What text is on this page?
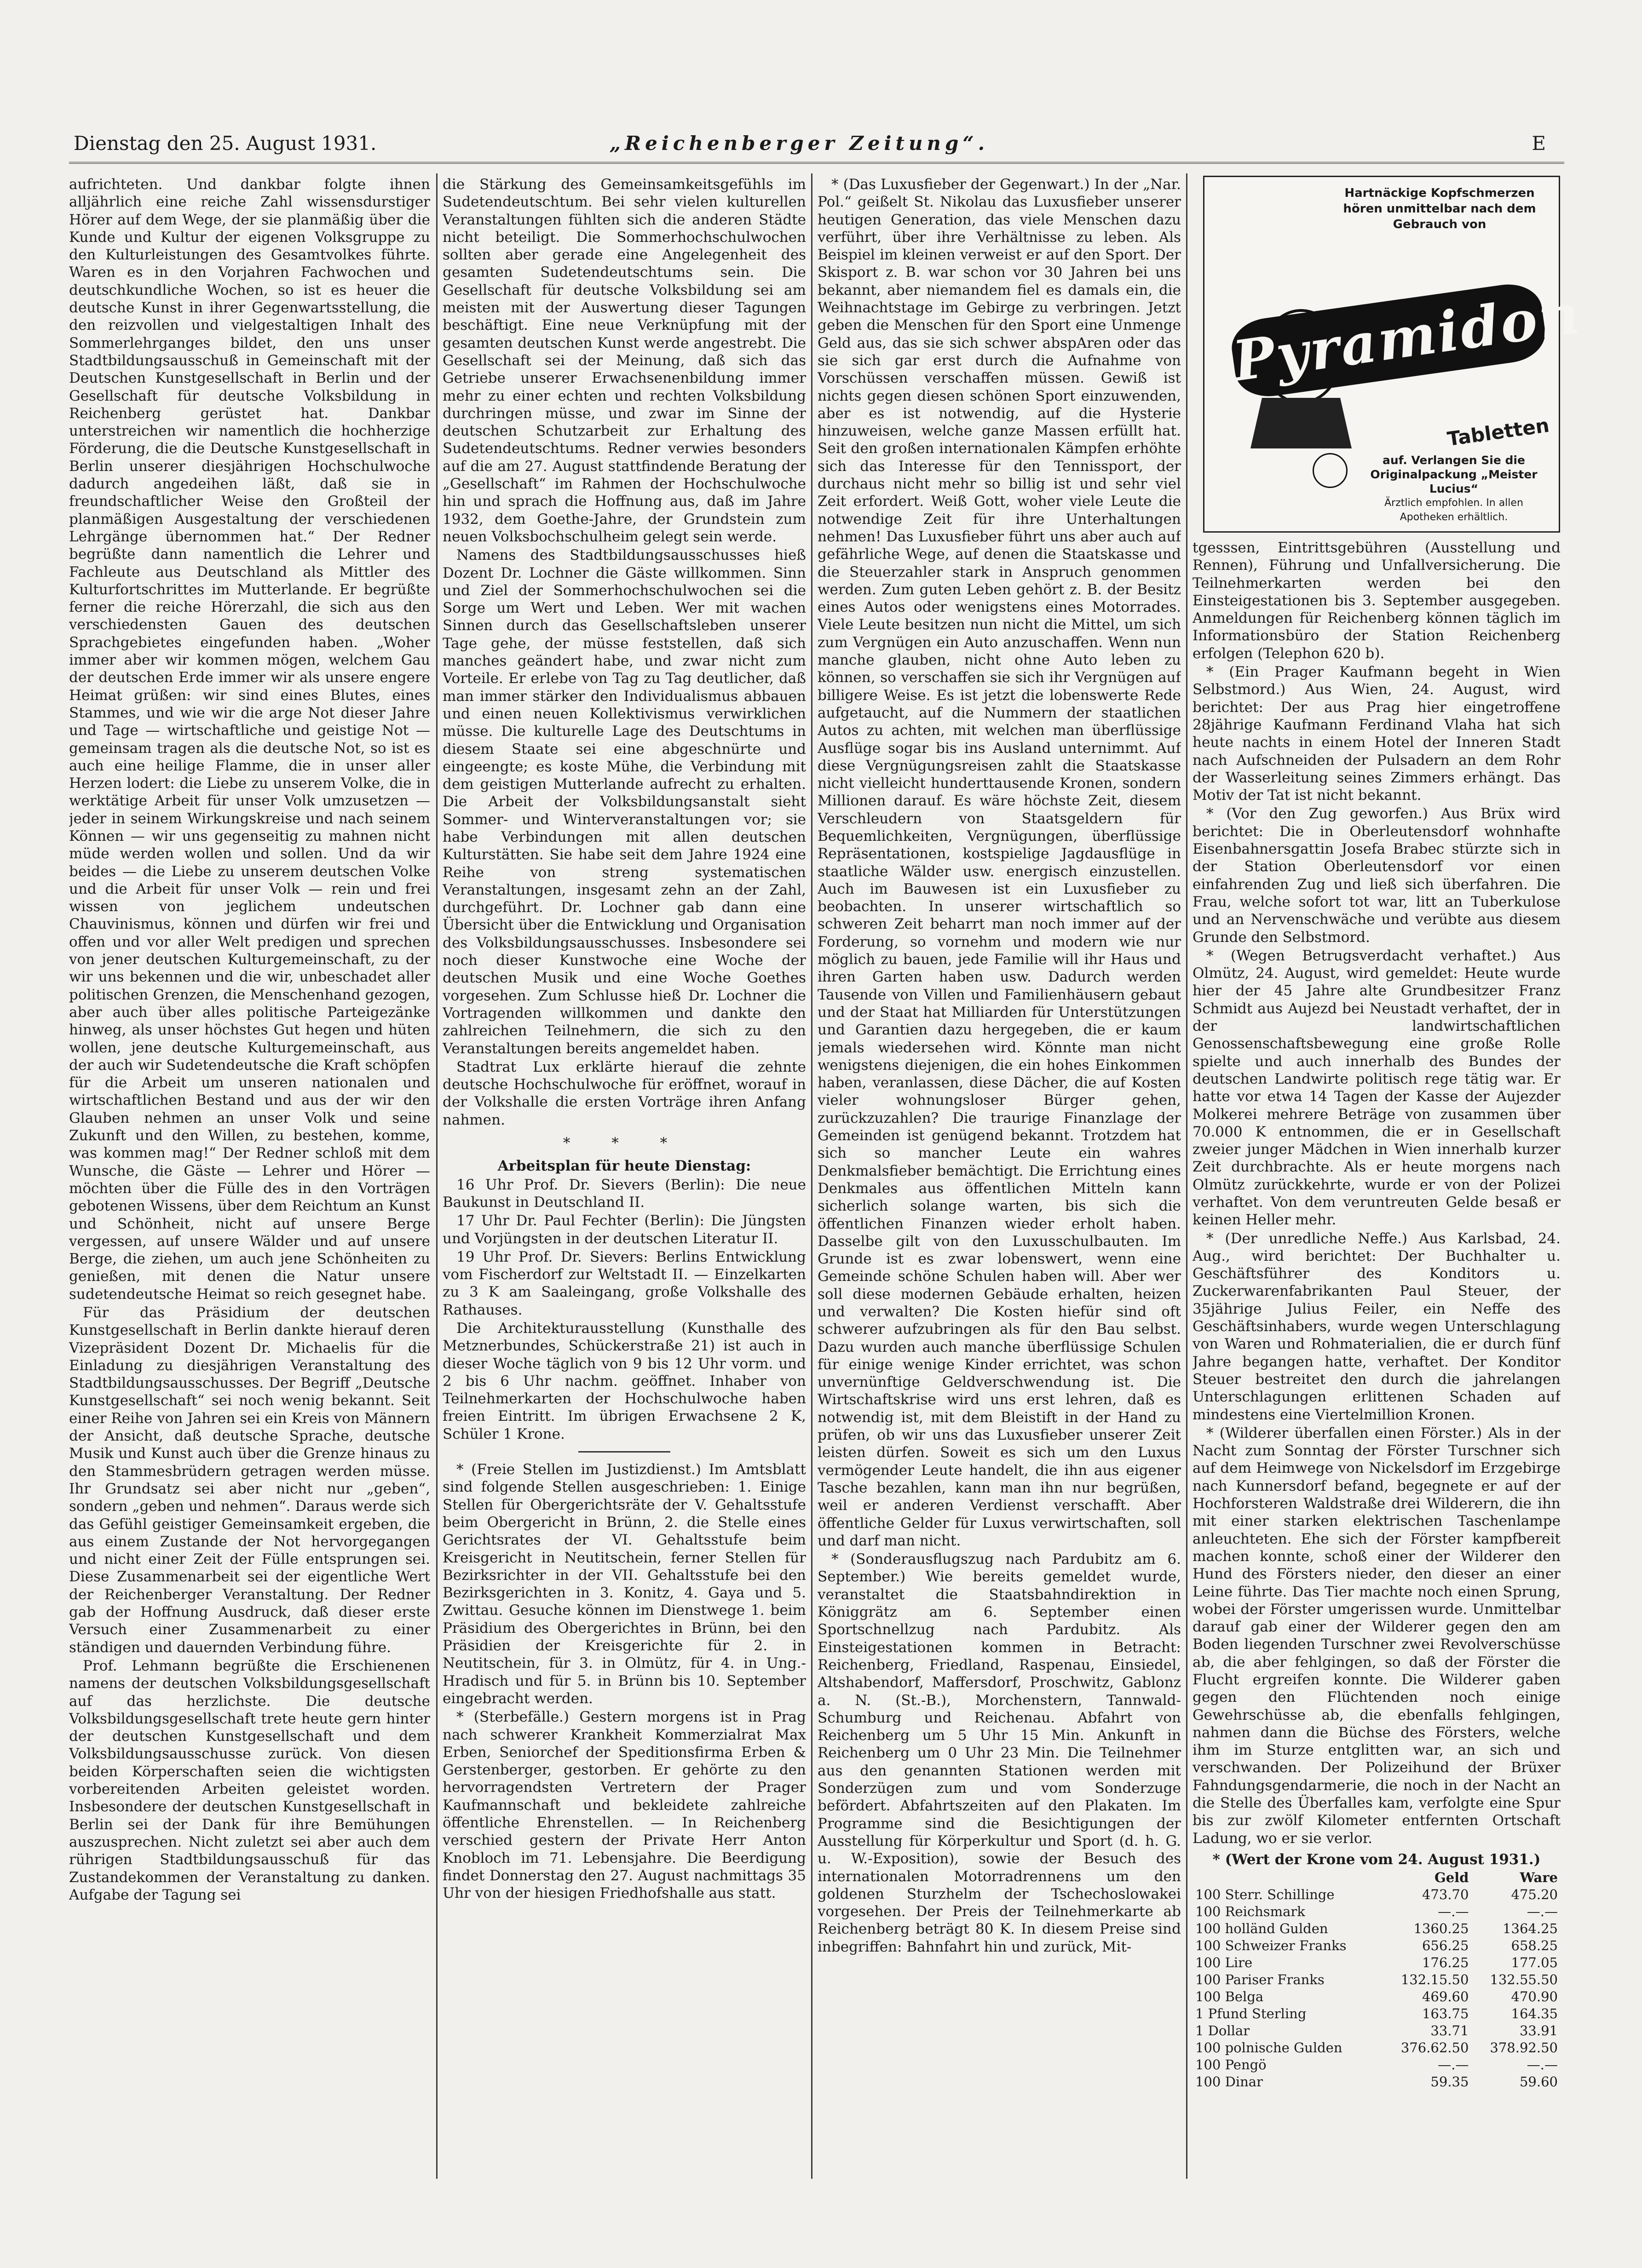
Dienstag den 25. August 1931.	„Reichenberger Zeitung“.	E

aufrichteten. Und dankbar folgte ihnen alljährlich eine reiche Zahl wissensdurstiger Hörer auf dem Wege, der sie planmäßig über die Kunde und Kultur der eigenen Volksgruppe zu den Kulturleistungen des Gesamtvolkes führte. Waren es in den Vorjahren Fachwochen und deutschkundliche Wochen, so ist es heuer die deutsche Kunst in ihrer Gegenwartsstellung, die den reizvollen und vielgestaltigen Inhalt des Sommerlehrganges bildet, den uns unser Stadtbildungsausschuß in Gemeinschaft mit der Deutschen Kunstgesellschaft in Berlin und der Gesellschaft für deutsche Volksbildung in Reichenberg gerüstet hat. Dankbar unterstreichen wir namentlich die hochherzige Förderung, die die Deutsche Kunstgesellschaft in Berlin unserer diesjährigen Hochschulwoche dadurch angedeihen läßt, daß sie in freundschaftlicher Weise den Großteil der planmäßigen Ausgestaltung der verschiedenen Lehrgänge übernommen hat.“ Der Redner begrüßte dann namentlich die Lehrer und Fachleute aus Deutschland als Mittler des Kulturfortschrittes im Mutterlande. Er begrüßte ferner die reiche Hörerzahl, die sich aus den verschiedensten Gauen des deutschen Sprachgebietes eingefunden haben. „Woher immer aber wir kommen mögen, welchem Gau der deutschen Erde immer wir als unsere engere Heimat grüßen: wir sind eines Blutes, eines Stammes, und wie wir die arge Not dieser Jahre und Tage — wirtschaftliche und geistige Not — gemeinsam tragen als die deutsche Not, so ist es auch eine heilige Flamme, die in unser aller Herzen lodert: die Liebe zu unserem Volke, die in werktätige Arbeit für unser Volk umzusetzen — jeder in seinem Wirkungskreise und nach seinem Können — wir uns gegenseitig zu mahnen nicht müde werden wollen und sollen. Und da wir beides — die Liebe zu unserem deutschen Volke und die Arbeit für unser Volk — rein und frei wissen von jeglichem undeutschen Chauvinismus, können und dürfen wir frei und offen und vor aller Welt predigen und sprechen von jener deutschen Kulturgemeinschaft, zu der wir uns bekennen und die wir, unbeschadet aller politischen Grenzen, die Menschenhand gezogen, aber auch über alles politische Parteigezänke hinweg, als unser höchstes Gut hegen und hüten wollen, jene deutsche Kulturgemeinschaft, aus der auch wir Sudetendeutsche die Kraft schöpfen für die Arbeit um unseren nationalen und wirtschaftlichen Bestand und aus der wir den Glauben nehmen an unser Volk und seine Zukunft und den Willen, zu bestehen, komme, was kommen mag!“ Der Redner schloß mit dem Wunsche, die Gäste — Lehrer und Hörer — möchten über die Fülle des in den Vorträgen gebotenen Wissens, über dem Reichtum an Kunst und Schönheit, nicht auf unsere Berge vergessen, auf unsere Wälder und auf unsere Berge, die ziehen, um auch jene Schönheiten zu genießen, mit denen die Natur unsere sudetendeutsche Heimat so reich gesegnet habe.

Für das Präsidium der deutschen Kunstgesellschaft in Berlin dankte hierauf deren Vizepräsident Dozent Dr. Michaelis für die Einladung zu diesjährigen Veranstaltung des Stadtbildungsausschusses. Der Begriff „Deutsche Kunstgesellschaft“ sei noch wenig bekannt. Seit einer Reihe von Jahren sei ein Kreis von Männern der Ansicht, daß deutsche Sprache, deutsche Musik und Kunst auch über die Grenze hinaus zu den Stammesbrüdern getragen werden müsse. Ihr Grundsatz sei aber nicht nur „geben“, sondern „geben und nehmen“. Daraus werde sich das Gefühl geistiger Gemeinsamkeit ergeben, die aus einem Zustande der Not hervorgegangen und nicht einer Zeit der Fülle entsprungen sei. Diese Zusammenarbeit sei der eigentliche Wert der Reichenberger Veranstaltung. Der Redner gab der Hoffnung Ausdruck, daß dieser erste Versuch einer Zusammenarbeit zu einer ständigen und dauernden Verbindung führe.

Prof. Lehmann begrüßte die Erschienenen namens der deutschen Volksbildungsgesellschaft auf das herzlichste. Die deutsche Volksbildungsgesellschaft trete heute gern hinter der deutschen Kunstgesellschaft und dem Volksbildungsausschusse zurück. Von diesen beiden Körperschaften seien die wichtigsten vorbereitenden Arbeiten geleistet worden. Insbesondere der deutschen Kunstgesellschaft in Berlin sei der Dank für ihre Bemühungen auszusprechen. Nicht zuletzt sei aber auch dem rührigen Stadtbildungsausschuß für das Zustandekommen der Veranstaltung zu danken. Aufgabe der Tagung sei

die Stärkung des Gemeinsamkeitsgefühls im Sudetendeutschtum. Bei sehr vielen kulturellen Veranstaltungen fühlten sich die anderen Städte nicht beteiligt. Die Sommerhochschulwochen sollten aber gerade eine Angelegenheit des gesamten Sudetendeutschtums sein. Die Gesellschaft für deutsche Volksbildung sei am meisten mit der Auswertung dieser Tagungen beschäftigt. Eine neue Verknüpfung mit der gesamten deutschen Kunst werde angestrebt. Die Gesellschaft sei der Meinung, daß sich das Getriebe unserer Erwachsenenbildung immer mehr zu einer echten und rechten Volksbildung durchringen müsse, und zwar im Sinne der deutschen Schutzarbeit zur Erhaltung des Sudetendeutschtums. Redner verwies besonders auf die am 27. August stattfindende Beratung der „Gesellschaft“ im Rahmen der Hochschulwoche hin und sprach die Hoffnung aus, daß im Jahre 1932, dem Goethe-Jahre, der Grundstein zum neuen Volksbochschulheim gelegt sein werde.

Namens des Stadtbildungsausschusses hieß Dozent Dr. Lochner die Gäste willkommen. Sinn und Ziel der Sommerhochschulwochen sei die Sorge um Wert und Leben. Wer mit wachen Sinnen durch das Gesellschaftsleben unserer Tage gehe, der müsse feststellen, daß sich manches geändert habe, und zwar nicht zum Vorteile. Er erlebe von Tag zu Tag deutlicher, daß man immer stärker den Individualismus abbauen und einen neuen Kollektivismus verwirklichen müsse. Die kulturelle Lage des Deutschtums in diesem Staate sei eine abgeschnürte und eingeengte; es koste Mühe, die Verbindung mit dem geistigen Mutterlande aufrecht zu erhalten. Die Arbeit der Volksbildungsanstalt sieht Sommer- und Winterveranstaltungen vor; sie habe Verbindungen mit allen deutschen Kulturstätten. Sie habe seit dem Jahre 1924 eine Reihe von streng systematischen Veranstaltungen, insgesamt zehn an der Zahl, durchgeführt. Dr. Lochner gab dann eine Übersicht über die Entwicklung und Organisation des Volksbildungsausschusses. Insbesondere sei noch dieser Kunstwoche eine Woche der deutschen Musik und eine Woche Goethes vorgesehen. Zum Schlusse hieß Dr. Lochner die Vortragenden willkommen und dankte den zahlreichen Teilnehmern, die sich zu den Veranstaltungen bereits angemeldet haben.

Stadtrat Lux erklärte hierauf die zehnte deutsche Hochschulwoche für eröffnet, worauf in der Volkshalle die ersten Vorträge ihren Anfang nahmen.

* * *

Arbeitsplan für heute Dienstag:

16 Uhr Prof. Dr. Sievers (Berlin): Die neue Baukunst in Deutschland II.

17 Uhr Dr. Paul Fechter (Berlin): Die Jüngsten und Vorjüngsten in der deutschen Literatur II.

19 Uhr Prof. Dr. Sievers: Berlins Entwicklung vom Fischerdorf zur Weltstadt II. — Einzelkarten zu 3 K am Saaleingang, große Volkshalle des Rathauses.

Die Architekturausstellung (Kunsthalle des Metznerbundes, Schückerstraße 21) ist auch in dieser Woche täglich von 9 bis 12 Uhr vorm. und 2 bis 6 Uhr nachm. geöffnet. Inhaber von Teilnehmerkarten der Hochschulwoche haben freien Eintritt. Im übrigen Erwachsene 2 K, Schüler 1 Krone.

* (Freie Stellen im Justizdienst.) Im Amtsblatt sind folgende Stellen ausgeschrieben: 1. Einige Stellen für Obergerichtsräte der V. Gehaltsstufe beim Obergericht in Brünn, 2. die Stelle eines Gerichtsrates der VI. Gehaltsstufe beim Kreisgericht in Neutitschein, ferner Stellen für Bezirksrichter in der VII. Gehaltsstufe bei den Bezirksgerichten in 3. Konitz, 4. Gaya und 5. Zwittau. Gesuche können im Dienstwege 1. beim Präsidium des Obergerichtes in Brünn, bei den Präsidien der Kreisgerichte für 2. in Neutitschein, für 3. in Olmütz, für 4. in Ung.-Hradisch und für 5. in Brünn bis 10. September eingebracht werden.

* (Sterbefälle.) Gestern morgens ist in Prag nach schwerer Krankheit Kommerzialrat Max Erben, Seniorchef der Speditionsfirma Erben & Gerstenberger, gestorben. Er gehörte zu den hervorragendsten Vertretern der Prager Kaufmannschaft und bekleidete zahlreiche öffentliche Ehrenstellen. — In Reichenberg verschied gestern der Private Herr Anton Knobloch im 71. Lebensjahre. Die Beerdigung findet Donnerstag den 27. August nachmittags 35 Uhr von der hiesigen Friedhofshalle aus statt.

* (Das Luxusfieber der Gegenwart.) In der „Nar. Pol.“ geißelt St. Nikolau das Luxusfieber unserer heutigen Generation, das viele Menschen dazu verführt, über ihre Verhältnisse zu leben. Als Beispiel im kleinen verweist er auf den Sport. Der Skisport z. B. war schon vor 30 Jahren bei uns bekannt, aber niemandem fiel es damals ein, die Weihnachtstage im Gebirge zu verbringen. Jetzt geben die Menschen für den Sport eine Unmenge Geld aus, das sie sich schwer abspAren oder das sie sich gar erst durch die Aufnahme von Vorschüssen verschaffen müssen. Gewiß ist nichts gegen diesen schönen Sport einzuwenden, aber es ist notwendig, auf die Hysterie hinzuweisen, welche ganze Massen erfüllt hat. Seit den großen internationalen Kämpfen erhöhte sich das Interesse für den Tennissport, der durchaus nicht mehr so billig ist und sehr viel Zeit erfordert. Weiß Gott, woher viele Leute die notwendige Zeit für ihre Unterhaltungen nehmen! Das Luxusfieber führt uns aber auch auf gefährliche Wege, auf denen die Staatskasse und die Steuerzahler stark in Anspruch genommen werden. Zum guten Leben gehört z. B. der Besitz eines Autos oder wenigstens eines Motorrades. Viele Leute besitzen nun nicht die Mittel, um sich zum Vergnügen ein Auto anzuschaffen. Wenn nun manche glauben, nicht ohne Auto leben zu können, so verschaffen sie sich ihr Vergnügen auf billigere Weise. Es ist jetzt die lobenswerte Rede aufgetaucht, auf die Nummern der staatlichen Autos zu achten, mit welchen man überflüssige Ausflüge sogar bis ins Ausland unternimmt. Auf diese Vergnügungsreisen zahlt die Staatskasse nicht vielleicht hunderttausende Kronen, sondern Millionen darauf. Es wäre höchste Zeit, diesem Verschleudern von Staatsgeldern für Bequemlichkeiten, Vergnügungen, überflüssige Repräsentationen, kostspielige Jagdausflüge in staatliche Wälder usw. energisch einzustellen. Auch im Bauwesen ist ein Luxusfieber zu beobachten. In unserer wirtschaftlich so schweren Zeit beharrt man noch immer auf der Forderung, so vornehm und modern wie nur möglich zu bauen, jede Familie will ihr Haus und ihren Garten haben usw. Dadurch werden Tausende von Villen und Familienhäusern gebaut und der Staat hat Milliarden für Unterstützungen und Garantien dazu hergegeben, die er kaum jemals wiedersehen wird. Könnte man nicht wenigstens diejenigen, die ein hohes Einkommen haben, veranlassen, diese Dächer, die auf Kosten vieler wohnungsloser Bürger gehen, zurückzuzahlen? Die traurige Finanzlage der Gemeinden ist genügend bekannt. Trotzdem hat sich so mancher Leute ein wahres Denkmalsfieber bemächtigt. Die Errichtung eines Denkmales aus öffentlichen Mitteln kann sicherlich solange warten, bis sich die öffentlichen Finanzen wieder erholt haben. Dasselbe gilt von den Luxusschulbauten. Im Grunde ist es zwar lobenswert, wenn eine Gemeinde schöne Schulen haben will. Aber wer soll diese modernen Gebäude erhalten, heizen und verwalten? Die Kosten hiefür sind oft schwerer aufzubringen als für den Bau selbst. Dazu wurden auch manche überflüssige Schulen für einige wenige Kinder errichtet, was schon unvernünftige Geldverschwendung ist. Die Wirtschaftskrise wird uns erst lehren, daß es notwendig ist, mit dem Bleistift in der Hand zu prüfen, ob wir uns das Luxusfieber unserer Zeit leisten dürfen. Soweit es sich um den Luxus vermögender Leute handelt, die ihn aus eigener Tasche bezahlen, kann man ihn nur begrüßen, weil er anderen Verdienst verschafft. Aber öffentliche Gelder für Luxus verwirtschaften, soll und darf man nicht.

* (Sonderausflugszug nach Pardubitz am 6. September.) Wie bereits gemeldet wurde, veranstaltet die Staatsbahndirektion in Königgrätz am 6. September einen Sportschnellzug nach Pardubitz. Als Einsteigestationen kommen in Betracht: Reichenberg, Friedland, Raspenau, Einsiedel, Altshabendorf, Maffersdorf, Proschwitz, Gablonz a. N. (St.-B.), Morchenstern, Tannwald-Schumburg und Reichenau. Abfahrt von Reichenberg um 5 Uhr 15 Min. Ankunft in Reichenberg um 0 Uhr 23 Min. Die Teilnehmer aus den genannten Stationen werden mit Sonderzügen zum und vom Sonderzuge befördert. Abfahrtszeiten auf den Plakaten. Im Programme sind die Besichtigungen der Ausstellung für Körperkultur und Sport (d. h. G. u. W.-Exposition), sowie der Besuch des internationalen Motorradrennens um den goldenen Sturzhelm der Tschechoslowakei vorgesehen. Der Preis der Teilnehmerkarte ab Reichenberg beträgt 80 K. In diesem Preise sind inbegriffen: Bahnfahrt hin und zurück, Mit-

Hartnäckige Kopfschmerzen hören unmittelbar nach dem Gebrauch von
Pyramidon
Tabletten
auf. Verlangen Sie die Originalpackung „Meister Lucius“
Ärztlich empfohlen. In allen Apotheken erhältlich.

tgesssen, Eintrittsgebühren (Ausstellung und Rennen), Führung und Unfallversicherung. Die Teilnehmerkarten werden bei den Einsteigestationen bis 3. September ausgegeben. Anmeldungen für Reichenberg können täglich im Informationsbüro der Station Reichenberg erfolgen (Telephon 620 b).

* (Ein Prager Kaufmann begeht in Wien Selbstmord.) Aus Wien, 24. August, wird berichtet: Der aus Prag hier eingetroffene 28jährige Kaufmann Ferdinand Vlaha hat sich heute nachts in einem Hotel der Inneren Stadt nach Aufschneiden der Pulsadern an dem Rohr der Wasserleitung seines Zimmers erhängt. Das Motiv der Tat ist nicht bekannt.

* (Vor den Zug geworfen.) Aus Brüx wird berichtet: Die in Oberleutensdorf wohnhafte Eisenbahnersgattin Josefa Brabec stürzte sich in der Station Oberleutensdorf vor einen einfahrenden Zug und ließ sich überfahren. Die Frau, welche sofort tot war, litt an Tuberkulose und an Nervenschwäche und verübte aus diesem Grunde den Selbstmord.

* (Wegen Betrugsverdacht verhaftet.) Aus Olmütz, 24. August, wird gemeldet: Heute wurde hier der 45 Jahre alte Grundbesitzer Franz Schmidt aus Aujezd bei Neustadt verhaftet, der in der landwirtschaftlichen Genossenschaftsbewegung eine große Rolle spielte und auch innerhalb des Bundes der deutschen Landwirte politisch rege tätig war. Er hatte vor etwa 14 Tagen der Kasse der Aujezder Molkerei mehrere Beträge von zusammen über 70.000 K entnommen, die er in Gesellschaft zweier junger Mädchen in Wien innerhalb kurzer Zeit durchbrachte. Als er heute morgens nach Olmütz zurückkehrte, wurde er von der Polizei verhaftet. Von dem veruntreuten Gelde besaß er keinen Heller mehr.

* (Der unredliche Neffe.) Aus Karlsbad, 24. Aug., wird berichtet: Der Buchhalter u. Geschäftsführer des Konditors u. Zuckerwarenfabrikanten Paul Steuer, der 35jährige Julius Feiler, ein Neffe des Geschäftsinhabers, wurde wegen Unterschlagung von Waren und Rohmaterialien, die er durch fünf Jahre begangen hatte, verhaftet. Der Konditor Steuer bestreitet den durch die jahrelangen Unterschlagungen erlittenen Schaden auf mindestens eine Viertelmillion Kronen.

* (Wilderer überfallen einen Förster.) Als in der Nacht zum Sonntag der Förster Turschner sich auf dem Heimwege von Nickelsdorf im Erzgebirge nach Kunnersdorf befand, begegnete er auf der Hochforsteren Waldstraße drei Wilderern, die ihn mit einer starken elektrischen Taschenlampe anleuchteten. Ehe sich der Förster kampfbereit machen konnte, schoß einer der Wilderer den Hund des Försters nieder, den dieser an einer Leine führte. Das Tier machte noch einen Sprung, wobei der Förster umgerissen wurde. Unmittelbar darauf gab einer der Wilderer gegen den am Boden liegenden Turschner zwei Revolverschüsse ab, die aber fehlgingen, so daß der Förster die Flucht ergreifen konnte. Die Wilderer gaben gegen den Flüchtenden noch einige Gewehrschüsse ab, die ebenfalls fehlgingen, nahmen dann die Büchse des Försters, welche ihm im Sturze entglitten war, an sich und verschwanden. Der Polizeihund der Brüxer Fahndungsgendarmerie, die noch in der Nacht an die Stelle des Überfalles kam, verfolgte eine Spur bis zur zwölf Kilometer entfernten Ortschaft Ladung, wo er sie verlor.

* (Wert der Krone vom 24. August 1931.)

	Geld	Ware
100 Sterr. Schillinge	473.70	475.20
100 Reichsmark	—.—	—.—
100 holländ Gulden	1360.25	1364.25
100 Schweizer Franks	656.25	658.25
100 Lire	176.25	177.05
100 Pariser Franks	132.15.50	132.55.50
100 Belga	469.60	470.90
1 Pfund Sterling	163.75	164.35
1 Dollar	33.71	33.91
100 polnische Gulden	376.62.50	378.92.50
100 Pengö	—.—	—.—
100 Dinar	59.35	59.60
